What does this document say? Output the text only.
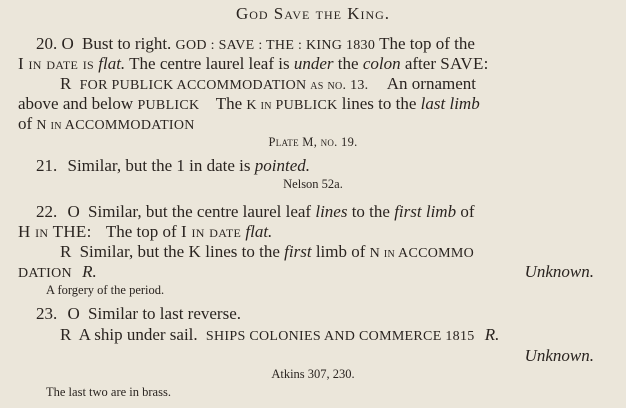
God Save the King.
20. O Bust to right. GOD : SAVE : THE : KING 1830 The top of the
I in date is flat. The centre laurel leaf is under the colon after SAVE:
R FOR PUBLICK ACCOMMODATION as no. 13. An ornament
above and below PUBLICK The K in PUBLICK lines to the last limb
of N in ACCOMMODATION
Plate M, no. 19.
21. Similar, but the 1 in date is pointed.
Nelson 52a.
22. O Similar, but the centre laurel leaf lines to the first limb of
H in THE: The top of I in date flat.
R Similar, but the K lines to the first limb of N in ACCOMMO
DATION R.	Unknown.
A forgery of the period.
23. O Similar to last reverse.
R A ship under sail. SHIPS COLONIES AND COMMERCE 1815 R.
Unknown.
Atkins 307, 230.
The last two are in brass.
